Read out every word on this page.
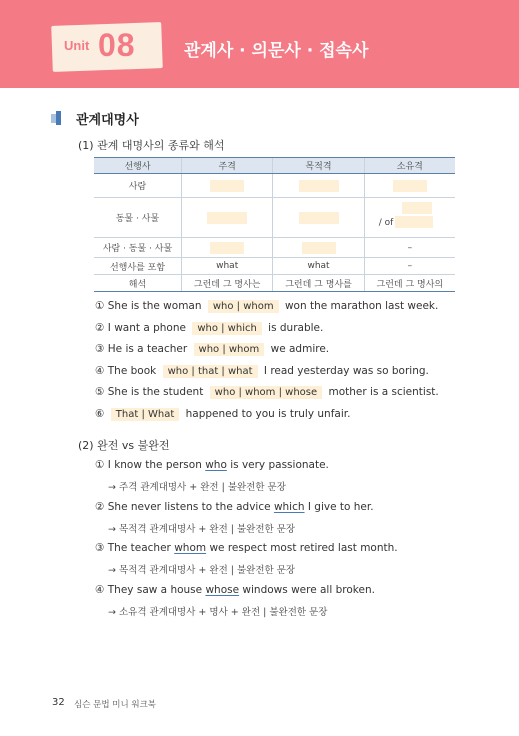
Unit 08	관계사 · 의문사 · 접속사
관계대명사
(1) 관계 대명사의 종류와 해석
선행사	주격	목적격	소유격
사람			
동물 · 사물			/ of

사람 · 동물 · 사물			–
선행사를 포함	what	what	–
해석	그런데 그 명사는	그런데 그 명사를	그런데 그 명사의
① She is the woman who | whom won the marathon last week.
② I want a phone who | which is durable.
③ He is a teacher who | whom we admire.
④ The book who | that | what I read yesterday was so boring.
⑤ She is the student who | whom | whose mother is a scientist.
⑥ That | What happened to you is truly unfair.
(2) 완전 vs 불완전
① I know the person who is very passionate.
→ 주격 관계대명사 + 완전 | 불완전한 문장
② She never listens to the advice which I give to her.
→ 목적격 관계대명사 + 완전 | 불완전한 문장
③ The teacher whom we respect most retired last month.
→ 목적격 관계대명사 + 완전 | 불완전한 문장
④ They saw a house whose windows were all broken.
→ 소유격 관계대명사 + 명사 + 완전 | 불완전한 문장
32 심슨 문법 미니 워크북
